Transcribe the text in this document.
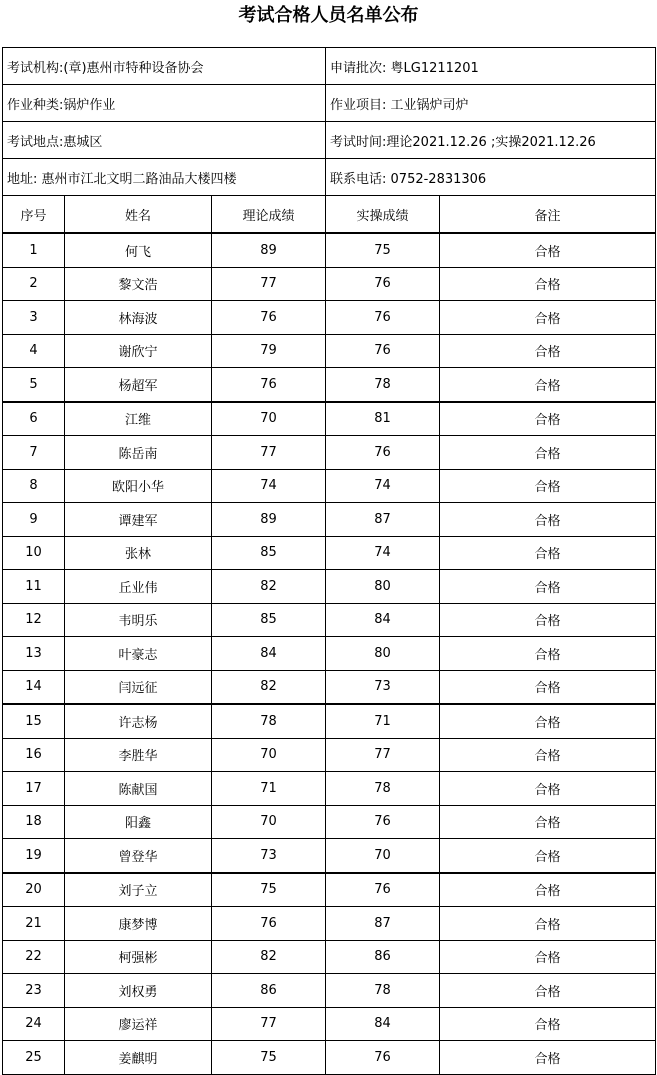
考试合格人员名单公布
考试机构:(章)惠州市特种设备协会			申请批次: 粤LG1211201	
作业种类:锅炉作业			作业项目: 工业锅炉司炉	
考试地点:惠城区			考试时间:理论2021.12.26 ;实操2021.12.26	
地址: 惠州市江北文明二路油品大楼四楼			联系电话: 0752-2831306	
序号	姓名	理论成绩	实操成绩	备注
1	何飞	89	75	合格
2	黎文浩	77	76	合格
3	林海波	76	76	合格
4	谢欣宁	79	76	合格
5	杨超军	76	78	合格
6	江维	70	81	合格
7	陈岳南	77	76	合格
8	欧阳小华	74	74	合格
9	谭建军	89	87	合格
10	张林	85	74	合格
11	丘业伟	82	80	合格
12	韦明乐	85	84	合格
13	叶豪志	84	80	合格
14	闫远征	82	73	合格
15	许志杨	78	71	合格
16	李胜华	70	77	合格
17	陈献国	71	78	合格
18	阳鑫	70	76	合格
19	曾登华	73	70	合格
20	刘子立	75	76	合格
21	康梦博	76	87	合格
22	柯强彬	82	86	合格
23	刘权勇	86	78	合格
24	廖运祥	77	84	合格
25	姜麒明	75	76	合格
